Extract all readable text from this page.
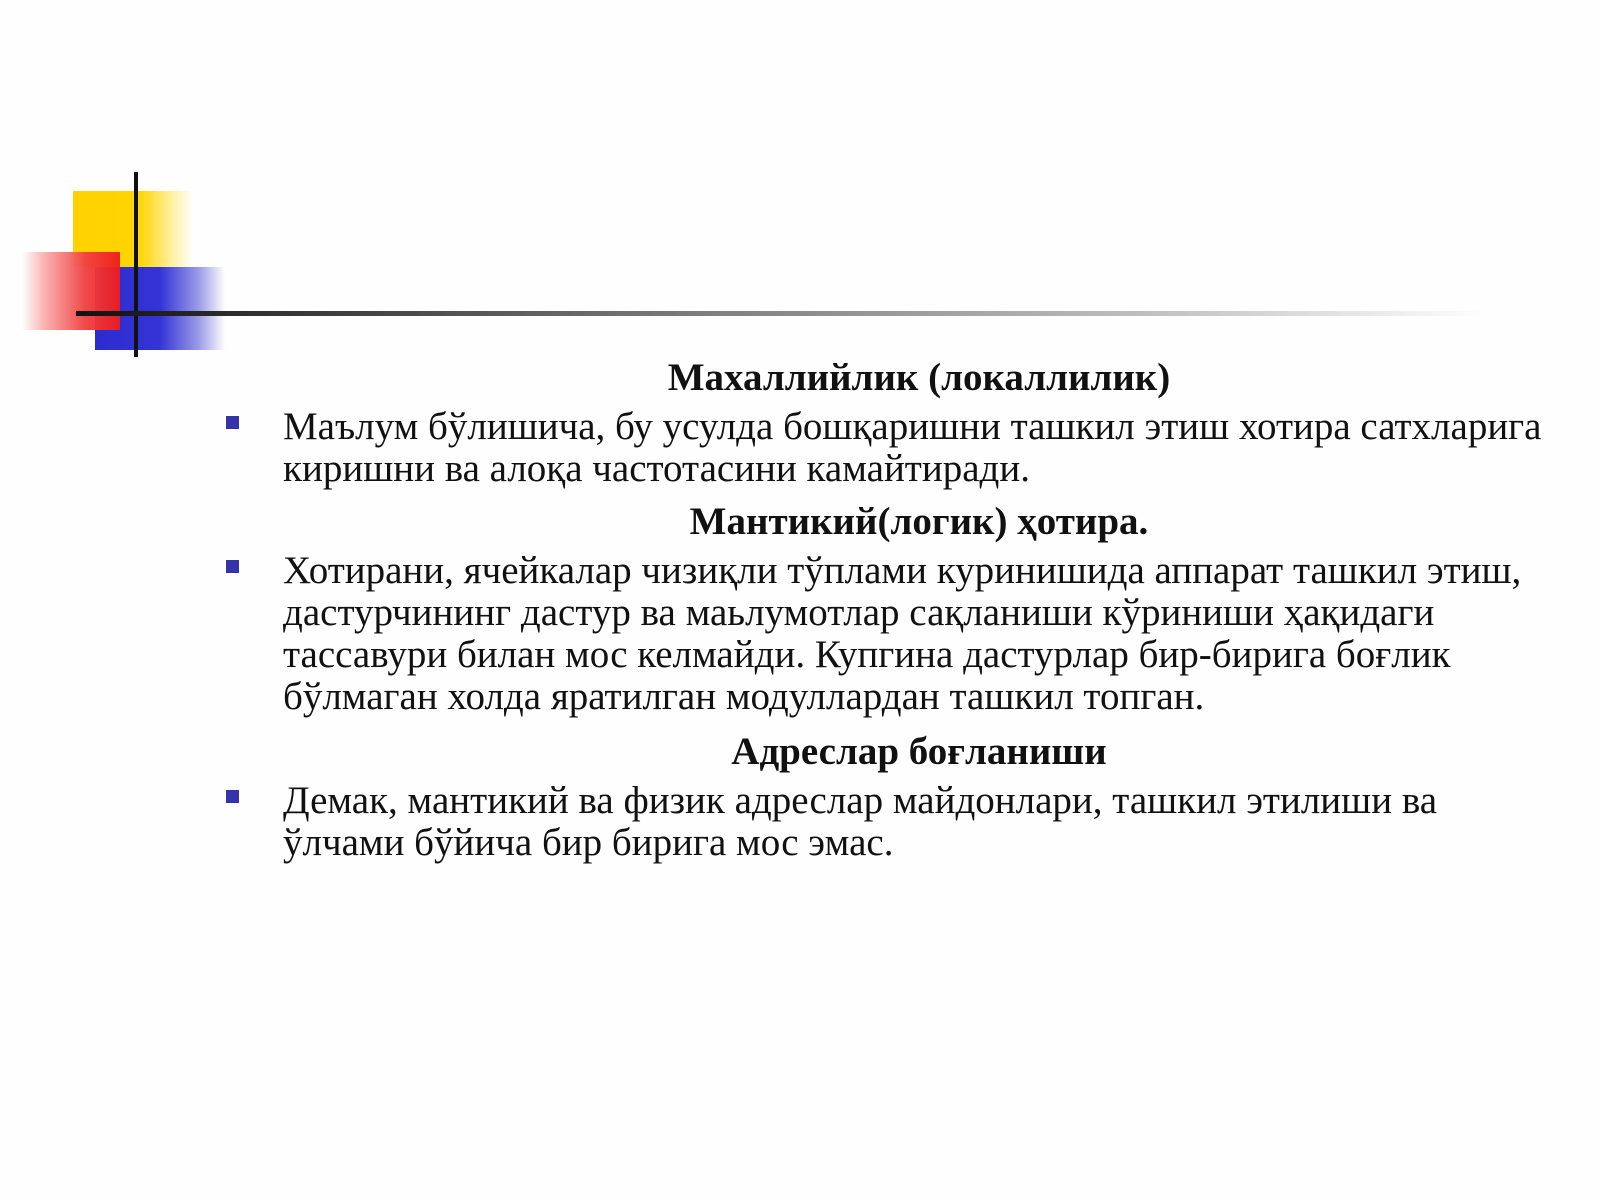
Махаллийлик (локаллилик)

Маълум бўлишича, бу усулда бошқаришни ташкил этиш хотира сатхларига киришни ва алоқа частотасини камайтиради.

Мантикий(логик) ҳотира.

Хотирани, ячейкалар чизиқли тўплами куринишида аппарат ташкил этиш, дастурчининг дастур ва маьлумотлар сақланиши кўриниши ҳақидаги тассавури билан мос келмайди. Купгина дастурлар бир-бирига боғлик бўлмаган холда яратилган модуллардан ташкил топган.

Адреслар боғланиши

Демак, мантикий ва физик адреслар майдонлари, ташкил этилиши ва ўлчами бўйича бир бирига мос эмас.
